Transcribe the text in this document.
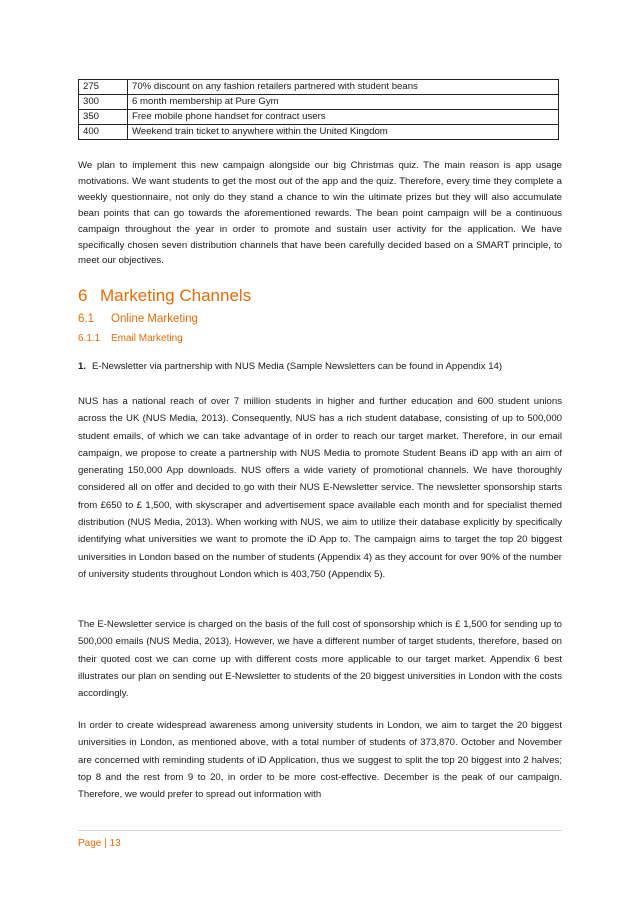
275	70% discount on any fashion retailers partnered with student beans
300	6 month membership at Pure Gym
350	Free mobile phone handset for contract users
400	Weekend train ticket to anywhere within the United Kingdom

We plan to implement this new campaign alongside our big Christmas quiz. The main reason is app usage motivations. We want students to get the most out of the app and the quiz. Therefore, every time they complete a weekly questionnaire, not only do they stand a chance to win the ultimate prizes but they will also accumulate bean points that can go towards the aforementioned rewards. The bean point campaign will be a continuous campaign throughout the year in order to promote and sustain user activity for the application. We have specifically chosen seven distribution channels that have been carefully decided based on a SMART principle, to meet our objectives.

6 Marketing Channels
6.1 Online Marketing
6.1.1 Email Marketing

1. E-Newsletter via partnership with NUS Media (Sample Newsletters can be found in Appendix 14)

NUS has a national reach of over 7 million students in higher and further education and 600 student unions across the UK (NUS Media, 2013). Consequently, NUS has a rich student database, consisting of up to 500,000 student emails, of which we can take advantage of in order to reach our target market. Therefore, in our email campaign, we propose to create a partnership with NUS Media to promote Student Beans iD app with an aim of generating 150,000 App downloads. NUS offers a wide variety of promotional channels. We have thoroughly considered all on offer and decided to go with their NUS E-Newsletter service. The newsletter sponsorship starts from £650 to £ 1,500, with skyscraper and advertisement space available each month and for specialist themed distribution (NUS Media, 2013). When working with NUS, we aim to utilize their database explicitly by specifically identifying what universities we want to promote the iD App to. The campaign aims to target the top 20 biggest universities in London based on the number of students (Appendix 4) as they account for over 90% of the number of university students throughout London which is 403,750 (Appendix 5).

The E-Newsletter service is charged on the basis of the full cost of sponsorship which is £ 1,500 for sending up to 500,000 emails (NUS Media, 2013). However, we have a different number of target students, therefore, based on their quoted cost we can come up with different costs more applicable to our target market. Appendix 6 best illustrates our plan on sending out E-Newsletter to students of the 20 biggest universities in London with the costs accordingly.

In order to create widespread awareness among university students in London, we aim to target the 20 biggest universities in London, as mentioned above, with a total number of students of 373,870. October and November are concerned with reminding students of iD Application, thus we suggest to split the top 20 biggest into 2 halves; top 8 and the rest from 9 to 20, in order to be more cost-effective. December is the peak of our campaign. Therefore, we would prefer to spread out information with

Page | 13
